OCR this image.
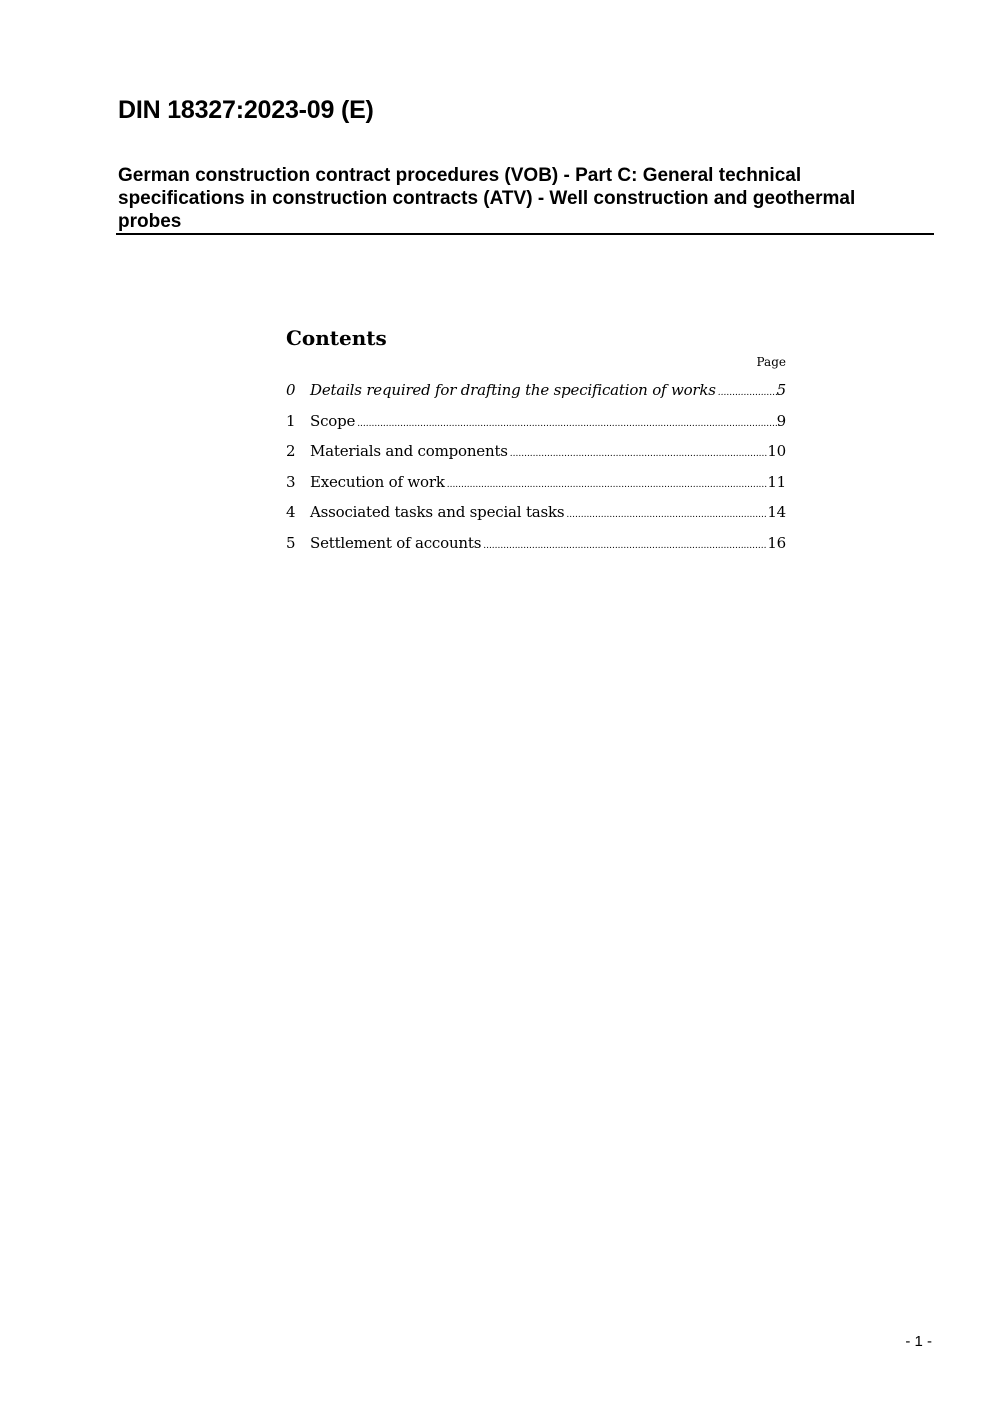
DIN 18327:2023-09 (E)
German construction contract procedures (VOB) - Part C: General technical specifications in construction contracts (ATV) - Well construction and geothermal probes
Contents
Page
0 Details required for drafting the specification of works .....	5
1 Scope .....	9
2 Materials and components .....	10
3 Execution of work .....	11
4 Associated tasks and special tasks .....	14
5 Settlement of accounts .....	16
- 1 -
